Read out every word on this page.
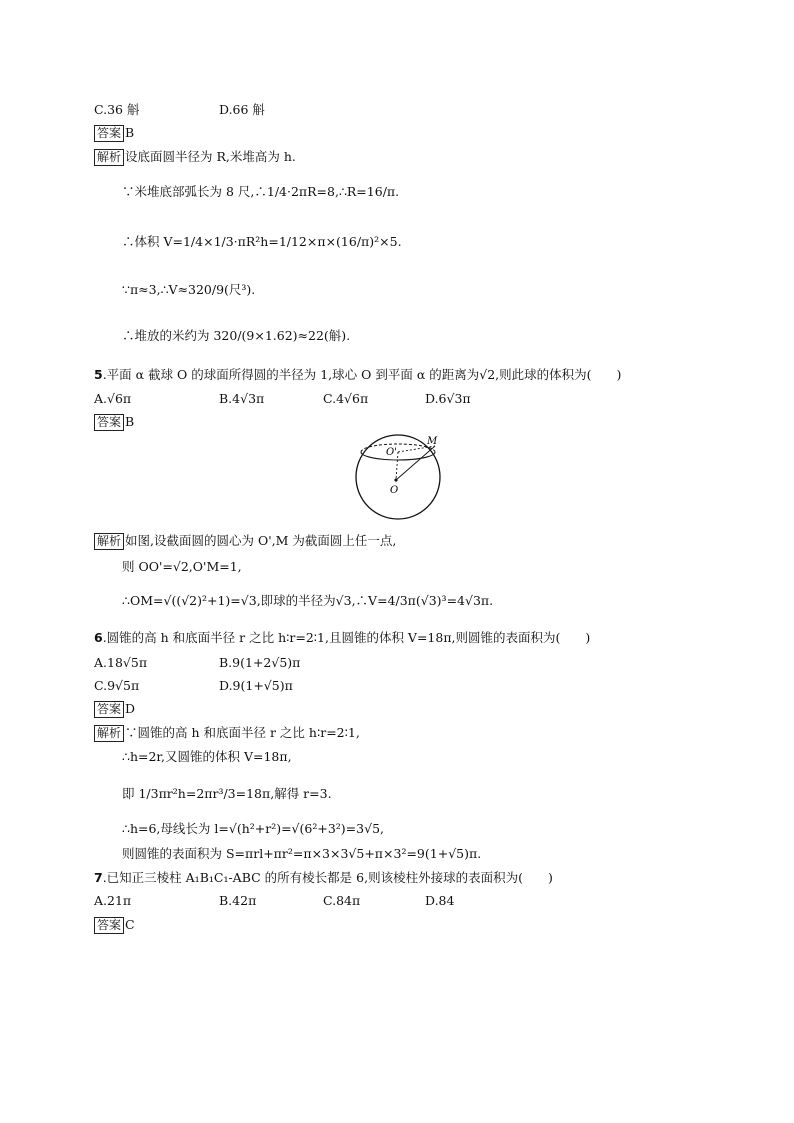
C.36 斛	D.66 斛
答案 B
解析 设底面圆半径为 R,米堆高为 h.
∵米堆底部弧长为 8 尺,∴1/4·2πR=8,∴R=16/π.
∴体积 V=1/4×1/3·πR²h=1/12×π×(16/π)²×5.
∵π≈3,∴V≈320/9(尺³).
∴堆放的米约为 320/(9×1.62)≈22(斛).
5.平面 α 截球 O 的球面所得圆的半径为 1,球心 O 到平面 α 的距离为√2,则此球的体积为(　　)
A.√6π	B.4√3π	C.4√6π	D.6√3π
答案 B
O'
M
O
解析 如图,设截面圆的圆心为 O',M 为截面圆上任一点,
则 OO'=√2,O'M=1,
∴OM=√((√2)²+1)=√3,即球的半径为√3,∴V=4/3π(√3)³=4√3π.
6.圆锥的高 h 和底面半径 r 之比 h∶r=2∶1,且圆锥的体积 V=18π,则圆锥的表面积为(　　)
A.18√5π	B.9(1+2√5)π
C.9√5π	D.9(1+√5)π
答案 D
解析 ∵圆锥的高 h 和底面半径 r 之比 h∶r=2∶1,
∴h=2r,又圆锥的体积 V=18π,
即 1/3πr²h=2πr³/3=18π,解得 r=3.
∴h=6,母线长为 l=√(h²+r²)=√(6²+3²)=3√5,
则圆锥的表面积为 S=πrl+πr²=π×3×3√5+π×3²=9(1+√5)π.
7.已知正三棱柱 A₁B₁C₁-ABC 的所有棱长都是 6,则该棱柱外接球的表面积为(　　)
A.21π	B.42π	C.84π	D.84
答案 C
